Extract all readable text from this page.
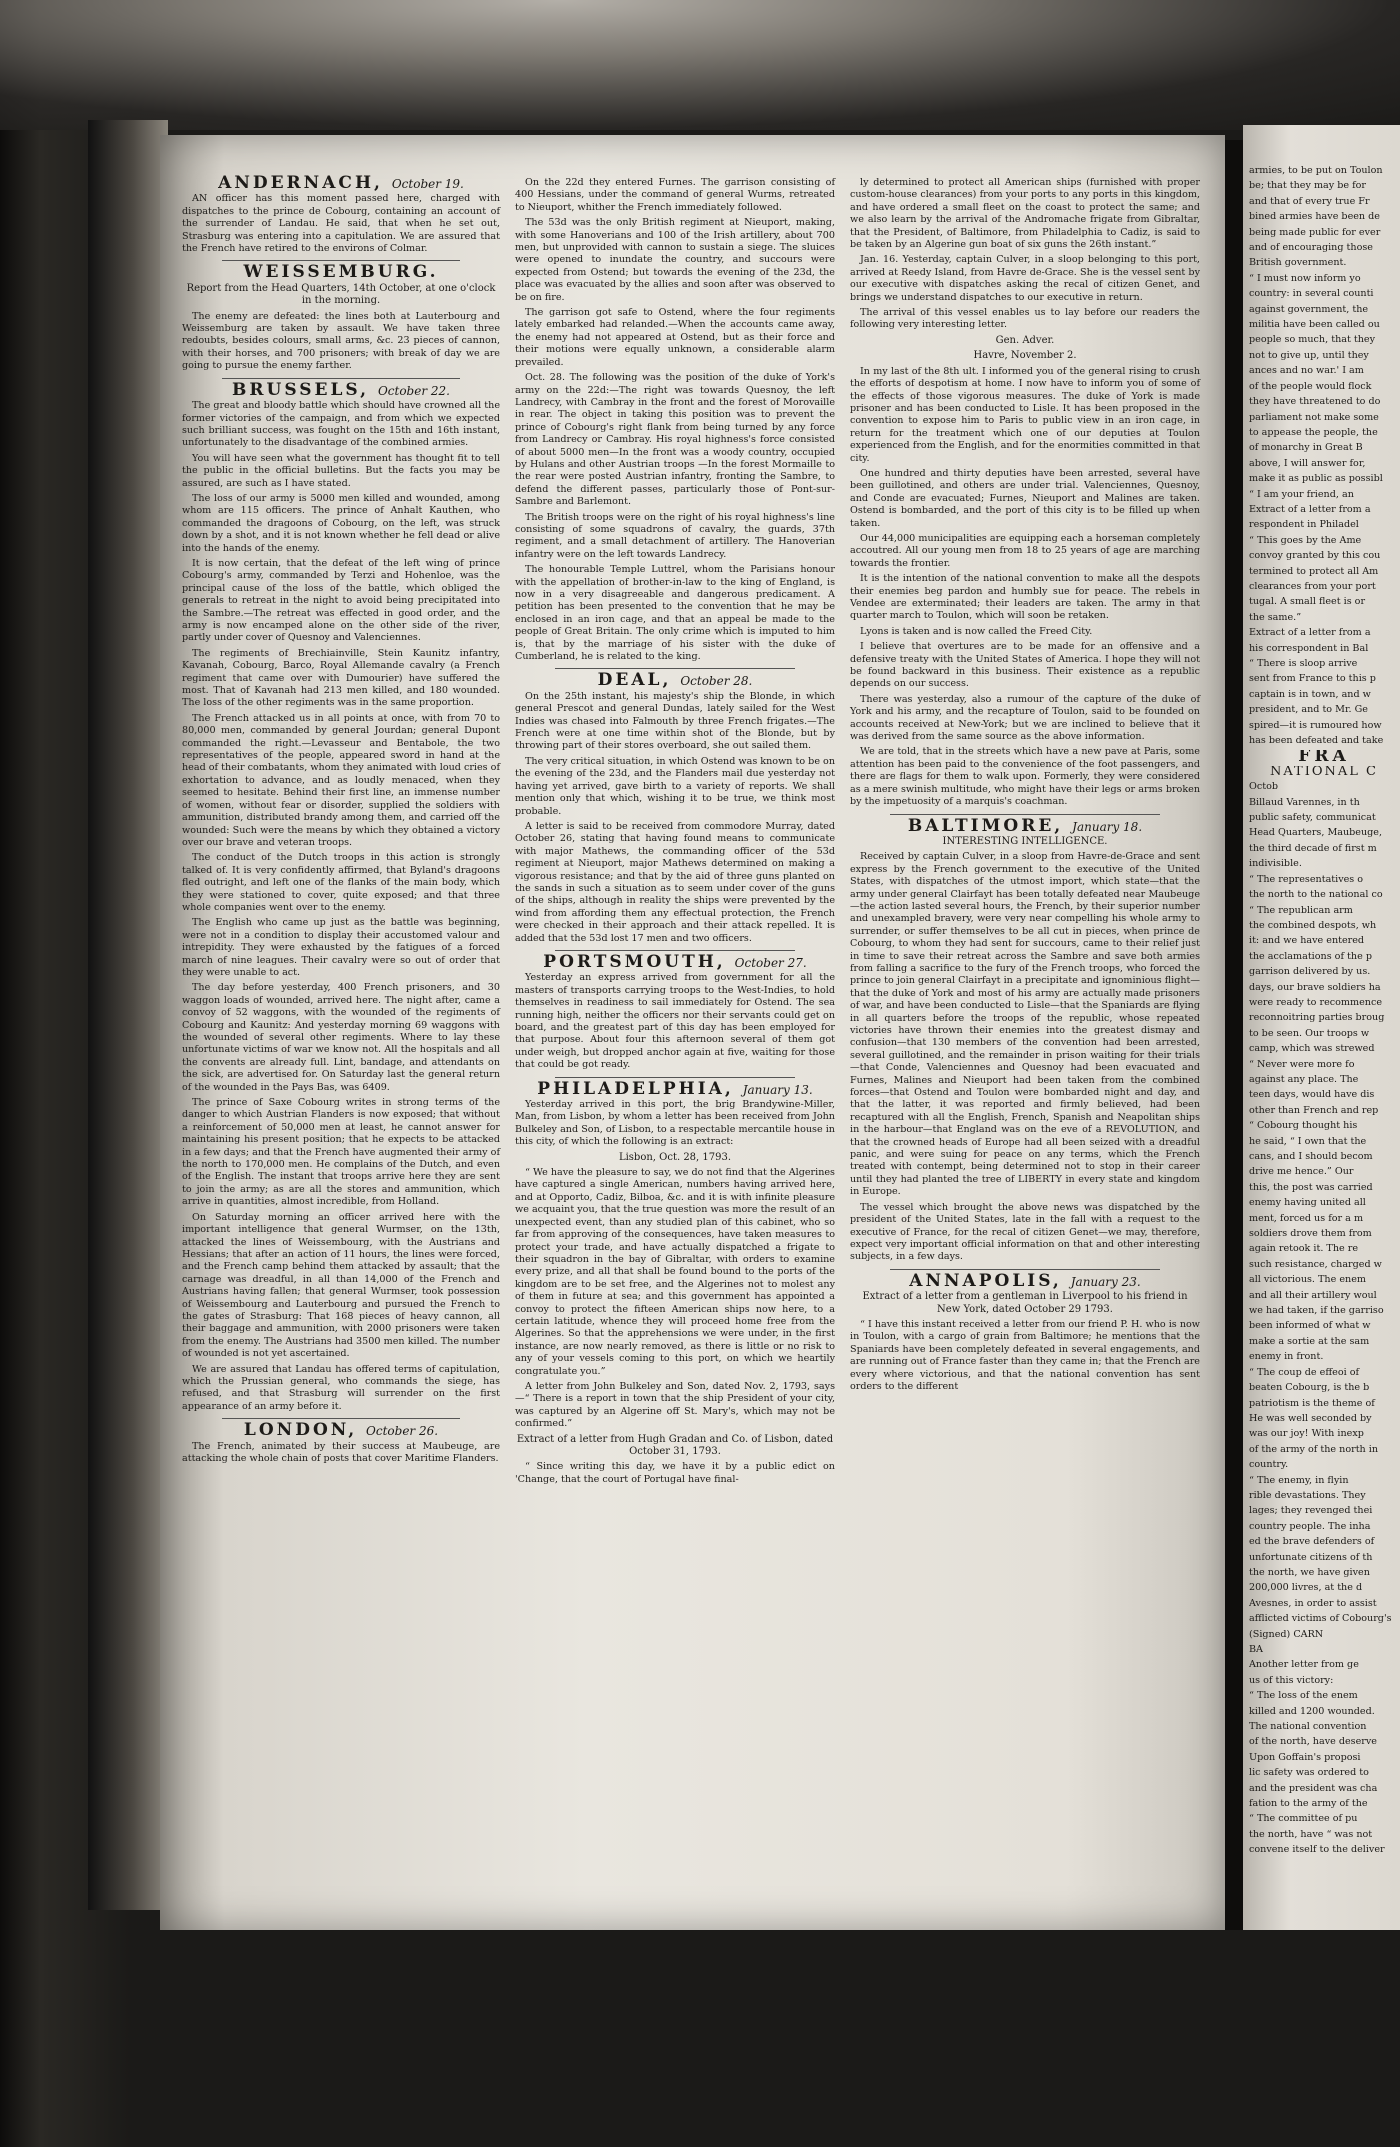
ANDERNACH, October 19.

AN officer has this moment passed here, charged with dispatches to the prince de Cobourg, containing an account of the surrender of Landau. He said, that when he set out, Strasburg was entering into a capitulation. We are assured that the French have retired to the environs of Colmar.

WEISSEMBURG.

Report from the Head Quarters, 14th October, at one o'clock in the morning.

The enemy are defeated: the lines both at Lauterbourg and Weissemburg are taken by assault. We have taken three redoubts, besides colours, small arms, &c. 23 pieces of cannon, with their horses, and 700 prisoners; with break of day we are going to pursue the enemy farther.

BRUSSELS, October 22.

The great and bloody battle which should have crowned all the former victories of the campaign, and from which we expected such brilliant success, was fought on the 15th and 16th instant, unfortunately to the disadvantage of the combined armies.

You will have seen what the government has thought fit to tell the public in the official bulletins. But the facts you may be assured, are such as I have stated.

The loss of our army is 5000 men killed and wounded, among whom are 115 officers. The prince of Anhalt Kauthen, who commanded the dragoons of Cobourg, on the left, was struck down by a shot, and it is not known whether he fell dead or alive into the hands of the enemy.

It is now certain, that the defeat of the left wing of prince Cobourg's army, commanded by Terzi and Hohenloe, was the principal cause of the loss of the battle, which obliged the generals to retreat in the night to avoid being precipitated into the Sambre.—The retreat was effected in good order, and the army is now encamped alone on the other side of the river, partly under cover of Quesnoy and Valenciennes.

The regiments of Brechiainville, Stein Kaunitz infantry, Kavanah, Cobourg, Barco, Royal Allemande cavalry (a French regiment that came over with Dumourier) have suffered the most. That of Kavanah had 213 men killed, and 180 wounded. The loss of the other regiments was in the same proportion.

The French attacked us in all points at once, with from 70 to 80,000 men, commanded by general Jourdan; general Dupont commanded the right.—Levasseur and Bentabole, the two representatives of the people, appeared sword in hand at the head of their combatants, whom they animated with loud cries of exhortation to advance, and as loudly menaced, when they seemed to hesitate. Behind their first line, an immense number of women, without fear or disorder, supplied the soldiers with ammunition, distributed brandy among them, and carried off the wounded: Such were the means by which they obtained a victory over our brave and veteran troops.

The conduct of the Dutch troops in this action is strongly talked of. It is very confidently affirmed, that Byland's dragoons fled outright, and left one of the flanks of the main body, which they were stationed to cover, quite exposed; and that three whole companies went over to the enemy.

The English who came up just as the battle was beginning, were not in a condition to display their accustomed valour and intrepidity. They were exhausted by the fatigues of a forced march of nine leagues. Their cavalry were so out of order that they were unable to act.

The day before yesterday, 400 French prisoners, and 30 waggon loads of wounded, arrived here. The night after, came a convoy of 52 waggons, with the wounded of the regiments of Cobourg and Kaunitz: And yesterday morning 69 waggons with the wounded of several other regiments. Where to lay these unfortunate victims of war we know not. All the hospitals and all the convents are already full. Lint, bandage, and attendants on the sick, are advertised for. On Saturday last the general return of the wounded in the Pays Bas, was 6409.

The prince of Saxe Cobourg writes in strong terms of the danger to which Austrian Flanders is now exposed; that without a reinforcement of 50,000 men at least, he cannot answer for maintaining his present position; that he expects to be attacked in a few days; and that the French have augmented their army of the north to 170,000 men. He complains of the Dutch, and even of the English. The instant that troops arrive here they are sent to join the army; as are all the stores and ammunition, which arrive in quantities, almost incredible, from Holland.

On Saturday morning an officer arrived here with the important intelligence that general Wurmser, on the 13th, attacked the lines of Weissembourg, with the Austrians and Hessians; that after an action of 11 hours, the lines were forced, and the French camp behind them attacked by assault; that the carnage was dreadful, in all than 14,000 of the French and Austrians having fallen; that general Wurmser, took possession of Weissembourg and Lauterbourg and pursued the French to the gates of Strasburg: That 168 pieces of heavy cannon, all their baggage and ammunition, with 2000 prisoners were taken from the enemy. The Austrians had 3500 men killed. The number of wounded is not yet ascertained.

We are assured that Landau has offered terms of capitulation, which the Prussian general, who commands the siege, has refused, and that Strasburg will surrender on the first appearance of an army before it.

LONDON, October 26.

The French, animated by their success at Maubeuge, are attacking the whole chain of posts that cover Maritime Flanders.

On the 22d they entered Furnes. The garrison consisting of 400 Hessians, under the command of general Wurms, retreated to Nieuport, whither the French immediately followed.

The 53d was the only British regiment at Nieuport, making, with some Hanoverians and 100 of the Irish artillery, about 700 men, but unprovided with cannon to sustain a siege. The sluices were opened to inundate the country, and succours were expected from Ostend; but towards the evening of the 23d, the place was evacuated by the allies and soon after was observed to be on fire.

The garrison got safe to Ostend, where the four regiments lately embarked had relanded.—When the accounts came away, the enemy had not appeared at Ostend, but as their force and their motions were equally unknown, a considerable alarm prevailed.

Oct. 28. The following was the position of the duke of York's army on the 22d:—The right was towards Quesnoy, the left Landrecy, with Cambray in the front and the forest of Morovaille in rear. The object in taking this position was to prevent the prince of Cobourg's right flank from being turned by any force from Landrecy or Cambray. His royal highness's force consisted of about 5000 men—In the front was a woody country, occupied by Hulans and other Austrian troops —In the forest Mormaille to the rear were posted Austrian infantry, fronting the Sambre, to defend the different passes, particularly those of Pont-sur-Sambre and Barlemont.

The British troops were on the right of his royal highness's line consisting of some squadrons of cavalry, the guards, 37th regiment, and a small detachment of artillery. The Hanoverian infantry were on the left towards Landrecy.

The honourable Temple Luttrel, whom the Parisians honour with the appellation of brother-in-law to the king of England, is now in a very disagreeable and dangerous predicament. A petition has been presented to the convention that he may be enclosed in an iron cage, and that an appeal be made to the people of Great Britain. The only crime which is imputed to him is, that by the marriage of his sister with the duke of Cumberland, he is related to the king.

DEAL, October 28.

On the 25th instant, his majesty's ship the Blonde, in which general Prescot and general Dundas, lately sailed for the West Indies was chased into Falmouth by three French frigates.—The French were at one time within shot of the Blonde, but by throwing part of their stores overboard, she out sailed them.

The very critical situation, in which Ostend was known to be on the evening of the 23d, and the Flanders mail due yesterday not having yet arrived, gave birth to a variety of reports. We shall mention only that which, wishing it to be true, we think most probable.

A letter is said to be received from commodore Murray, dated October 26, stating that having found means to communicate with major Mathews, the commanding officer of the 53d regiment at Nieuport, major Mathews determined on making a vigorous resistance; and that by the aid of three guns planted on the sands in such a situation as to seem under cover of the guns of the ships, although in reality the ships were prevented by the wind from affording them any effectual protection, the French were checked in their approach and their attack repelled. It is added that the 53d lost 17 men and two officers.

PORTSMOUTH, October 27.

Yesterday an express arrived from government for all the masters of transports carrying troops to the West-Indies, to hold themselves in readiness to sail immediately for Ostend. The sea running high, neither the officers nor their servants could get on board, and the greatest part of this day has been employed for that purpose. About four this afternoon several of them got under weigh, but dropped anchor again at five, waiting for those that could be got ready.

PHILADELPHIA, January 13.

Yesterday arrived in this port, the brig Brandywine-Miller, Man, from Lisbon, by whom a letter has been received from John Bulkeley and Son, of Lisbon, to a respectable mercantile house in this city, of which the following is an extract:

Lisbon, Oct. 28, 1793.

“ We have the pleasure to say, we do not find that the Algerines have captured a single American, numbers having arrived here, and at Opporto, Cadiz, Bilboa, &c. and it is with infinite pleasure we acquaint you, that the true question was more the result of an unexpected event, than any studied plan of this cabinet, who so far from approving of the consequences, have taken measures to protect your trade, and have actually dispatched a frigate to their squadron in the bay of Gibraltar, with orders to examine every prize, and all that shall be found bound to the ports of the kingdom are to be set free, and the Algerines not to molest any of them in future at sea; and this government has appointed a convoy to protect the fifteen American ships now here, to a certain latitude, whence they will proceed home free from the Algerines. So that the apprehensions we were under, in the first instance, are now nearly removed, as there is little or no risk to any of your vessels coming to this port, on which we heartily congratulate you.”

A letter from John Bulkeley and Son, dated Nov. 2, 1793, says—“ There is a report in town that the ship President of your city, was captured by an Algerine off St. Mary's, which may not be confirmed.”

Extract of a letter from Hugh Gradan and Co. of Lisbon, dated October 31, 1793.

“ Since writing this day, we have it by a public edict on 'Change, that the court of Portugal have final-

ly determined to protect all American ships (furnished with proper custom-house clearances) from your ports to any ports in this kingdom, and have ordered a small fleet on the coast to protect the same; and we also learn by the arrival of the Andromache frigate from Gibraltar, that the President, of Baltimore, from Philadelphia to Cadiz, is said to be taken by an Algerine gun boat of six guns the 26th instant.”

Jan. 16. Yesterday, captain Culver, in a sloop belonging to this port, arrived at Reedy Island, from Havre de-Grace. She is the vessel sent by our executive with dispatches asking the recal of citizen Genet, and brings we understand dispatches to our executive in return.

The arrival of this vessel enables us to lay before our readers the following very interesting letter.

Gen. Adver.

Havre, November 2.

In my last of the 8th ult. I informed you of the general rising to crush the efforts of despotism at home. I now have to inform you of some of the effects of those vigorous measures. The duke of York is made prisoner and has been conducted to Lisle. It has been proposed in the convention to expose him to Paris to public view in an iron cage, in return for the treatment which one of our deputies at Toulon experienced from the English, and for the enormities committed in that city.

One hundred and thirty deputies have been arrested, several have been guillotined, and others are under trial. Valenciennes, Quesnoy, and Conde are evacuated; Furnes, Nieuport and Malines are taken. Ostend is bombarded, and the port of this city is to be filled up when taken.

Our 44,000 municipalities are equipping each a horseman completely accoutred. All our young men from 18 to 25 years of age are marching towards the frontier.

It is the intention of the national convention to make all the despots their enemies beg pardon and humbly sue for peace. The rebels in Vendee are exterminated; their leaders are taken. The army in that quarter march to Toulon, which will soon be retaken.

Lyons is taken and is now called the Freed City.

I believe that overtures are to be made for an offensive and a defensive treaty with the United States of America. I hope they will not be found backward in this business. Their existence as a republic depends on our success.

There was yesterday, also a rumour of the capture of the duke of York and his army, and the recapture of Toulon, said to be founded on accounts received at New-York; but we are inclined to believe that it was derived from the same source as the above information.

We are told, that in the streets which have a new pave at Paris, some attention has been paid to the convenience of the foot passengers, and there are flags for them to walk upon. Formerly, they were considered as a mere swinish multitude, who might have their legs or arms broken by the impetuosity of a marquis's coachman.

BALTIMORE, January 18.

INTERESTING INTELLIGENCE.

Received by captain Culver, in a sloop from Havre-de-Grace and sent express by the French government to the executive of the United States, with dispatches of the utmost import, which state—that the army under general Clairfayt has been totally defeated near Maubeuge—the action lasted several hours, the French, by their superior number and unexampled bravery, were very near compelling his whole army to surrender, or suffer themselves to be all cut in pieces, when prince de Cobourg, to whom they had sent for succours, came to their relief just in time to save their retreat across the Sambre and save both armies from falling a sacrifice to the fury of the French troops, who forced the prince to join general Clairfayt in a precipitate and ignominious flight—that the duke of York and most of his army are actually made prisoners of war, and have been conducted to Lisle—that the Spaniards are flying in all quarters before the troops of the republic, whose repeated victories have thrown their enemies into the greatest dismay and confusion—that 130 members of the convention had been arrested, several guillotined, and the remainder in prison waiting for their trials—that Conde, Valenciennes and Quesnoy had been evacuated and Furnes, Malines and Nieuport had been taken from the combined forces—that Ostend and Toulon were bombarded night and day, and that the latter, it was reported and firmly believed, had been recaptured with all the English, French, Spanish and Neapolitan ships in the harbour—that England was on the eve of a REVOLUTION, and that the crowned heads of Europe had all been seized with a dreadful panic, and were suing for peace on any terms, which the French treated with contempt, being determined not to stop in their career until they had planted the tree of LIBERTY in every state and kingdom in Europe.

The vessel which brought the above news was dispatched by the president of the United States, late in the fall with a request to the executive of France, for the recal of citizen Genet—we may, therefore, expect very important official information on that and other interesting subjects, in a few days.

ANNAPOLIS, January 23.

Extract of a letter from a gentleman in Liverpool to his friend in New York, dated October 29 1793.

“ I have this instant received a letter from our friend P. H. who is now in Toulon, with a cargo of grain from Baltimore; he mentions that the Spaniards have been completely defeated in several engagements, and are running out of France faster than they came in; that the French are every where victorious, and that the national convention has sent orders to the different

armies, to be put on Toulon

be; that they may be for

and that of every true Fr

bined armies have been de

being made public for ever

and of encouraging those

British government.

“ I must now inform yo

country: in several counti

against government, the

militia have been called ou

people so much, that they

not to give up, until they

ances and no war.' I am

of the people would flock

they have threatened to do

parliament not make some

to appease the people, the

of monarchy in Great B

above, I will answer for,

make it as public as possibl

“ I am your friend, an

Extract of a letter from a

respondent in Philadel

“ This goes by the Ame

convoy granted by this cou

termined to protect all Am

clearances from your port

tugal. A small fleet is or

the same.”

Extract of a letter from a

his correspondent in Bal

“ There is sloop arrive

sent from France to this p

captain is in town, and w

president, and to Mr. Ge

spired—it is rumoured how

has been defeated and take

FRA

NATIONAL C

Octob

Billaud Varennes, in th

public safety, communicat

Head Quarters, Maubeuge,

the third decade of first m

indivisible.

“ The representatives o

the north to the national co

“ The republican arm

the combined despots, wh

it: and we have entered

the acclamations of the p

garrison delivered by us.

days, our brave soldiers ha

were ready to recommence

reconnoitring parties broug

to be seen. Our troops w

camp, which was strewed

“ Never were more fo

against any place. The

teen days, would have dis

other than French and rep

“ Cobourg thought his

he said, “ I own that the

cans, and I should becom

drive me hence.” Our

this, the post was carried

enemy having united all

ment, forced us for a m

soldiers drove them from

again retook it. The re

such resistance, charged w

all victorious. The enem

and all their artillery woul

we had taken, if the garriso

been informed of what w

make a sortie at the sam

enemy in front.

“ The coup de effeoi of

beaten Cobourg, is the b

patriotism is the theme of

He was well seconded by

was our joy! With inexp

of the army of the north in

country.

“ The enemy, in flyin

rible devastations. They

lages; they revenged thei

country people. The inha

ed the brave defenders of

unfortunate citizens of th

the north, we have given

200,000 livres, at the d

Avesnes, in order to assist

afflicted victims of Cobourg's

(Signed) CARN

BA

Another letter from ge

us of this victory:

“ The loss of the enem

killed and 1200 wounded.

The national convention

of the north, have deserve

Upon Goffain's proposi

lic safety was ordered to

and the president was cha

fation to the army of the

“ The committee of pu

the north, have “ was not

convene itself to the deliver
